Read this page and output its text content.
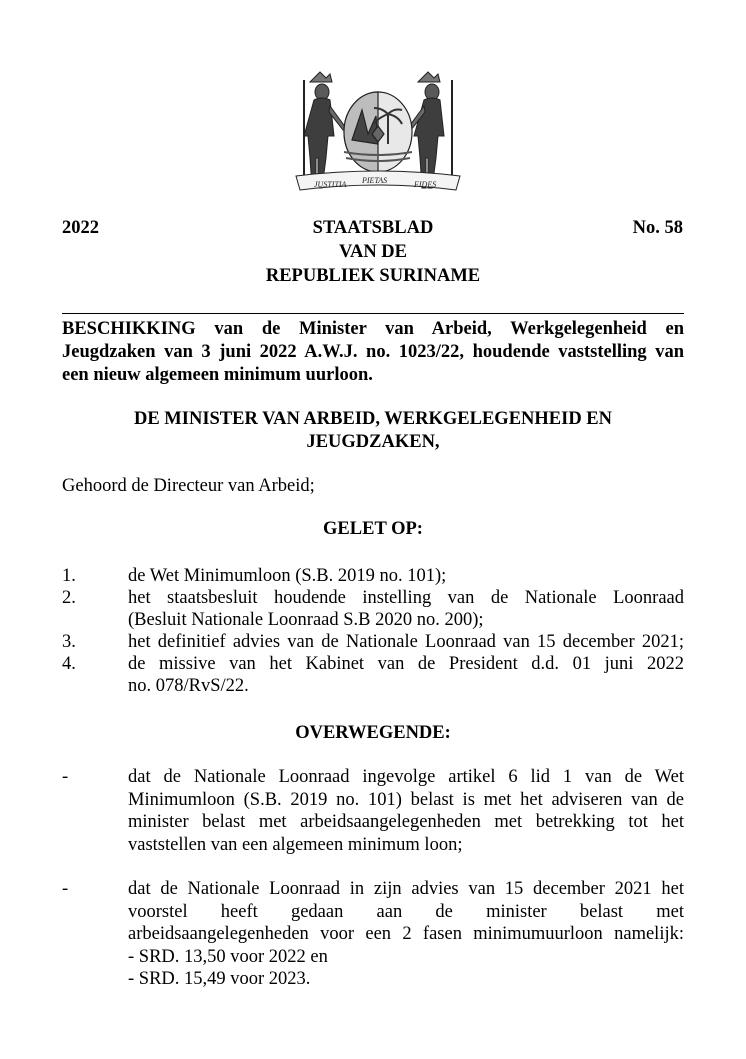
JUSTITIA PIETAS	FIDES
2022	STAATSBLAD
VAN DE
REPUBLIEK SURINAME
No. 58
BESCHIKKING van de Minister van Arbeid, Werkgelegenheid en
Jeugdzaken van 3 juni 2022 A.W.J. no. 1023/22, houdende vaststelling van
een nieuw algemeen minimum uurloon.
DE MINISTER VAN ARBEID, WERKGELEGENHEID EN
JEUGDZAKEN,
Gehoord de Directeur van Arbeid;
GELET OP:
1.	de Wet Minimumloon (S.B. 2019 no. 101);
2.	het staatsbesluit houdende instelling van de Nationale Loonraad
(Besluit Nationale Loonraad S.B 2020 no. 200);
3.	het definitief advies van de Nationale Loonraad van 15 december 2021;
4.	de missive van het Kabinet van de President d.d. 01 juni 2022
no. 078/RvS/22.
OVERWEGENDE:
-	dat de Nationale Loonraad ingevolge artikel 6 lid 1 van de Wet
Minimumloon (S.B. 2019 no. 101) belast is met het adviseren van de
minister belast met arbeidsaangelegenheden met betrekking tot het
vaststellen van een algemeen minimum loon;
-	dat de Nationale Loonraad in zijn advies van 15 december 2021 het
voorstel heeft gedaan aan de minister belast met
arbeidsaangelegenheden voor een 2 fasen minimumuurloon namelijk:
- SRD. 13,50 voor 2022 en
- SRD. 15,49 voor 2023.
